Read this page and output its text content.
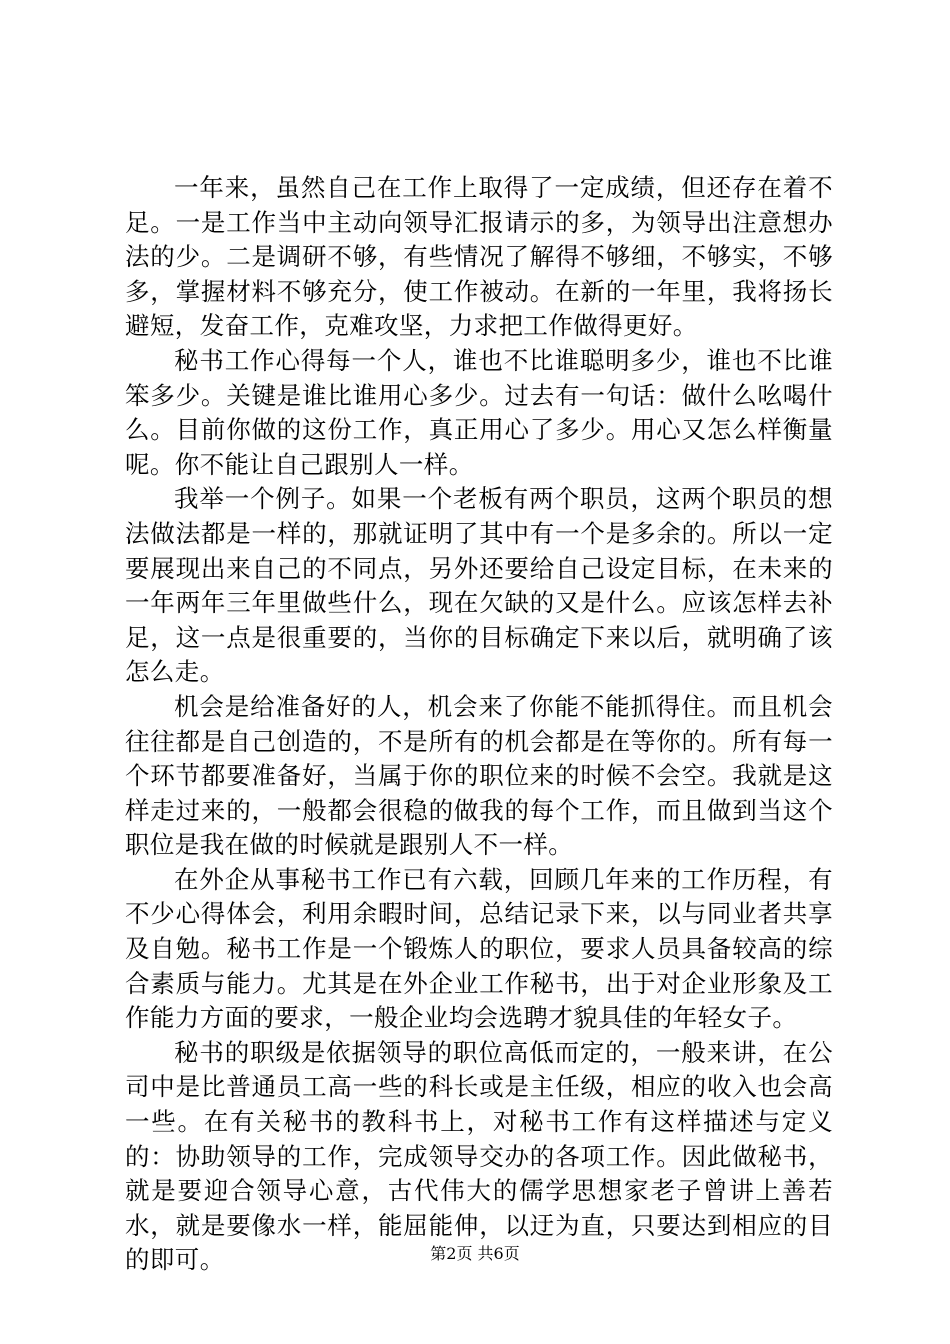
一年来，虽然自己在工作上取得了一定成绩，但还存在着不足。一是工作当中主动向领导汇报请示的多，为领导出注意想办法的少。二是调研不够，有些情况了解得不够细，不够实，不够多，掌握材料不够充分，使工作被动。在新的一年里，我将扬长避短，发奋工作，克难攻坚，力求把工作做得更好。

秘书工作心得每一个人，谁也不比谁聪明多少，谁也不比谁笨多少。关键是谁比谁用心多少。过去有一句话：做什么吆喝什么。目前你做的这份工作，真正用心了多少。用心又怎么样衡量呢。你不能让自己跟别人一样。

我举一个例子。如果一个老板有两个职员，这两个职员的想法做法都是一样的，那就证明了其中有一个是多余的。所以一定要展现出来自己的不同点，另外还要给自己设定目标，在未来的一年两年三年里做些什么，现在欠缺的又是什么。应该怎样去补足，这一点是很重要的，当你的目标确定下来以后，就明确了该怎么走。

机会是给准备好的人，机会来了你能不能抓得住。而且机会往往都是自己创造的，不是所有的机会都是在等你的。所有每一个环节都要准备好，当属于你的职位来的时候不会空。我就是这样走过来的，一般都会很稳的做我的每个工作，而且做到当这个职位是我在做的时候就是跟别人不一样。

在外企从事秘书工作已有六载，回顾几年来的工作历程，有不少心得体会，利用余暇时间，总结记录下来，以与同业者共享及自勉。秘书工作是一个锻炼人的职位，要求人员具备较高的综合素质与能力。尤其是在外企业工作秘书，出于对企业形象及工作能力方面的要求，一般企业均会选聘才貌具佳的年轻女子。

秘书的职级是依据领导的职位高低而定的，一般来讲，在公司中是比普通员工高一些的科长或是主任级，相应的收入也会高一些。在有关秘书的教科书上，对秘书工作有这样描述与定义的：协助领导的工作，完成领导交办的各项工作。因此做秘书，就是要迎合领导心意，古代伟大的儒学思想家老子曾讲上善若水，就是要像水一样，能屈能伸，以迂为直，只要达到相应的目的即可。	第2页 共6页
